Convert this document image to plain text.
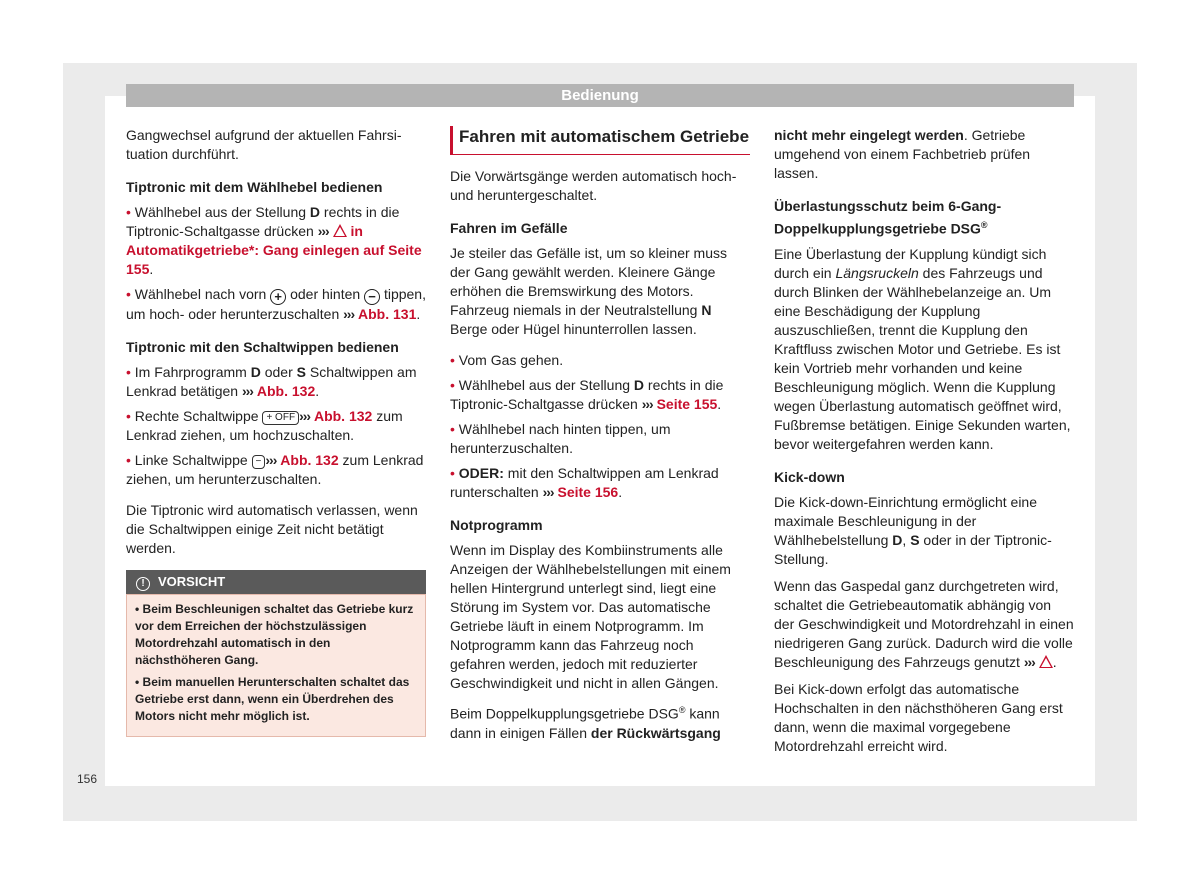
Bedienung

Gangwechsel aufgrund der aktuellen Fahrsituation durchführt.

Tiptronic mit dem Wählhebel bedienen

• Wählhebel aus der Stellung D rechts in die Tiptronic-Schaltgasse drücken ››› in Automatikgetriebe*: Gang einlegen auf Seite 155.

• Wählhebel nach vorn + oder hinten − tippen, um hoch- oder herunterzuschalten ››› Abb. 131.

Tiptronic mit den Schaltwippen bedienen

• Im Fahrprogramm D oder S Schaltwippen am Lenkrad betätigen ››› Abb. 132.

• Rechte Schaltwippe + OFF ››› Abb. 132 zum Lenkrad ziehen, um hochzuschalten.

• Linke Schaltwippe − ››› Abb. 132 zum Lenkrad ziehen, um herunterzuschalten.

Die Tiptronic wird automatisch verlassen, wenn die Schaltwippen einige Zeit nicht betätigt werden.

! VORSICHT

• Beim Beschleunigen schaltet das Getriebe kurz vor dem Erreichen der höchstzulässigen Motordrehzahl automatisch in den nächsthöheren Gang.

• Beim manuellen Herunterschalten schaltet das Getriebe erst dann, wenn ein Überdrehen des Motors nicht mehr möglich ist.

Fahren mit automatischem Getriebe

Die Vorwärtsgänge werden automatisch hoch- und heruntergeschaltet.

Fahren im Gefälle

Je steiler das Gefälle ist, um so kleiner muss der Gang gewählt werden. Kleinere Gänge erhöhen die Bremswirkung des Motors. Fahrzeug niemals in der Neutralstellung N Berge oder Hügel hinunterrollen lassen.

• Vom Gas gehen.

• Wählhebel aus der Stellung D rechts in die Tiptronic-Schaltgasse drücken ››› Seite 155.

• Wählhebel nach hinten tippen, um herunterzuschalten.

• ODER: mit den Schaltwippen am Lenkrad runterschalten ››› Seite 156.

Notprogramm

Wenn im Display des Kombiinstruments alle Anzeigen der Wählhebelstellungen mit einem hellen Hintergrund unterlegt sind, liegt eine Störung im System vor. Das automatische Getriebe läuft in einem Notprogramm. Im Notprogramm kann das Fahrzeug noch gefahren werden, jedoch mit reduzierter Geschwindigkeit und nicht in allen Gängen.

Beim Doppelkupplungsgetriebe DSG® kann dann in einigen Fällen der Rückwärtsgang

nicht mehr eingelegt werden. Getriebe umgehend von einem Fachbetrieb prüfen lassen.

Überlastungsschutz beim 6-Gang-Doppelkupplungsgetriebe DSG®

Eine Überlastung der Kupplung kündigt sich durch ein Längsruckeln des Fahrzeugs und durch Blinken der Wählhebelanzeige an. Um eine Beschädigung der Kupplung auszuschließen, trennt die Kupplung den Kraftfluss zwischen Motor und Getriebe. Es ist kein Vortrieb mehr vorhanden und keine Beschleunigung möglich. Wenn die Kupplung wegen Überlastung automatisch geöffnet wird, Fußbremse betätigen. Einige Sekunden warten, bevor weitergefahren werden kann.

Kick-down

Die Kick-down-Einrichtung ermöglicht eine maximale Beschleunigung in der Wählhebelstellung D, S oder in der Tiptronic-Stellung.

Wenn das Gaspedal ganz durchgetreten wird, schaltet die Getriebeautomatik abhängig von der Geschwindigkeit und Motordrehzahl in einen niedrigeren Gang zurück. Dadurch wird die volle Beschleunigung des Fahrzeugs genutzt ››› .

Bei Kick-down erfolgt das automatische Hochschalten in den nächsthöheren Gang erst dann, wenn die maximal vorgegebene Motordrehzahl erreicht wird.

156
